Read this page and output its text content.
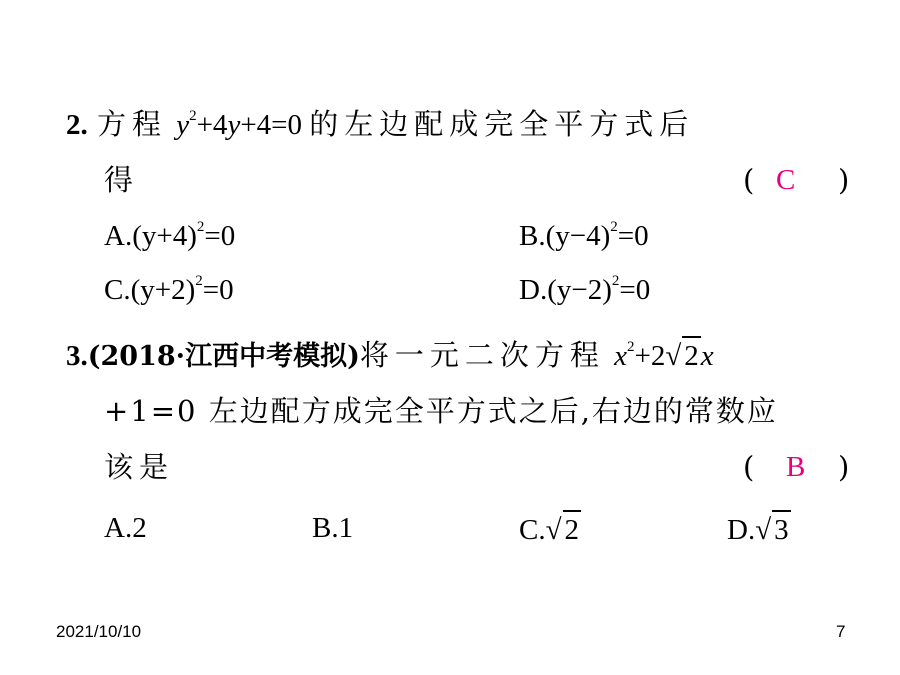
2. 方程 $y^2+4y+4=0$ 的左边配成完全平方式后
得	( C )
$A.(y+4)^2=0$	$B.(y-4)^2=0$
$C.(y+2)^2=0$	$D.(y-2)^2=0$
3.(2018·江西中考模拟)将一元二次方程 $x^2+2√$ 2x
+1=0 左边配方成完全平方式之后,右边的常数应
该是	( B )
A.2	B.1	C.√ 2	D.√ 3
2021/10/10	7
